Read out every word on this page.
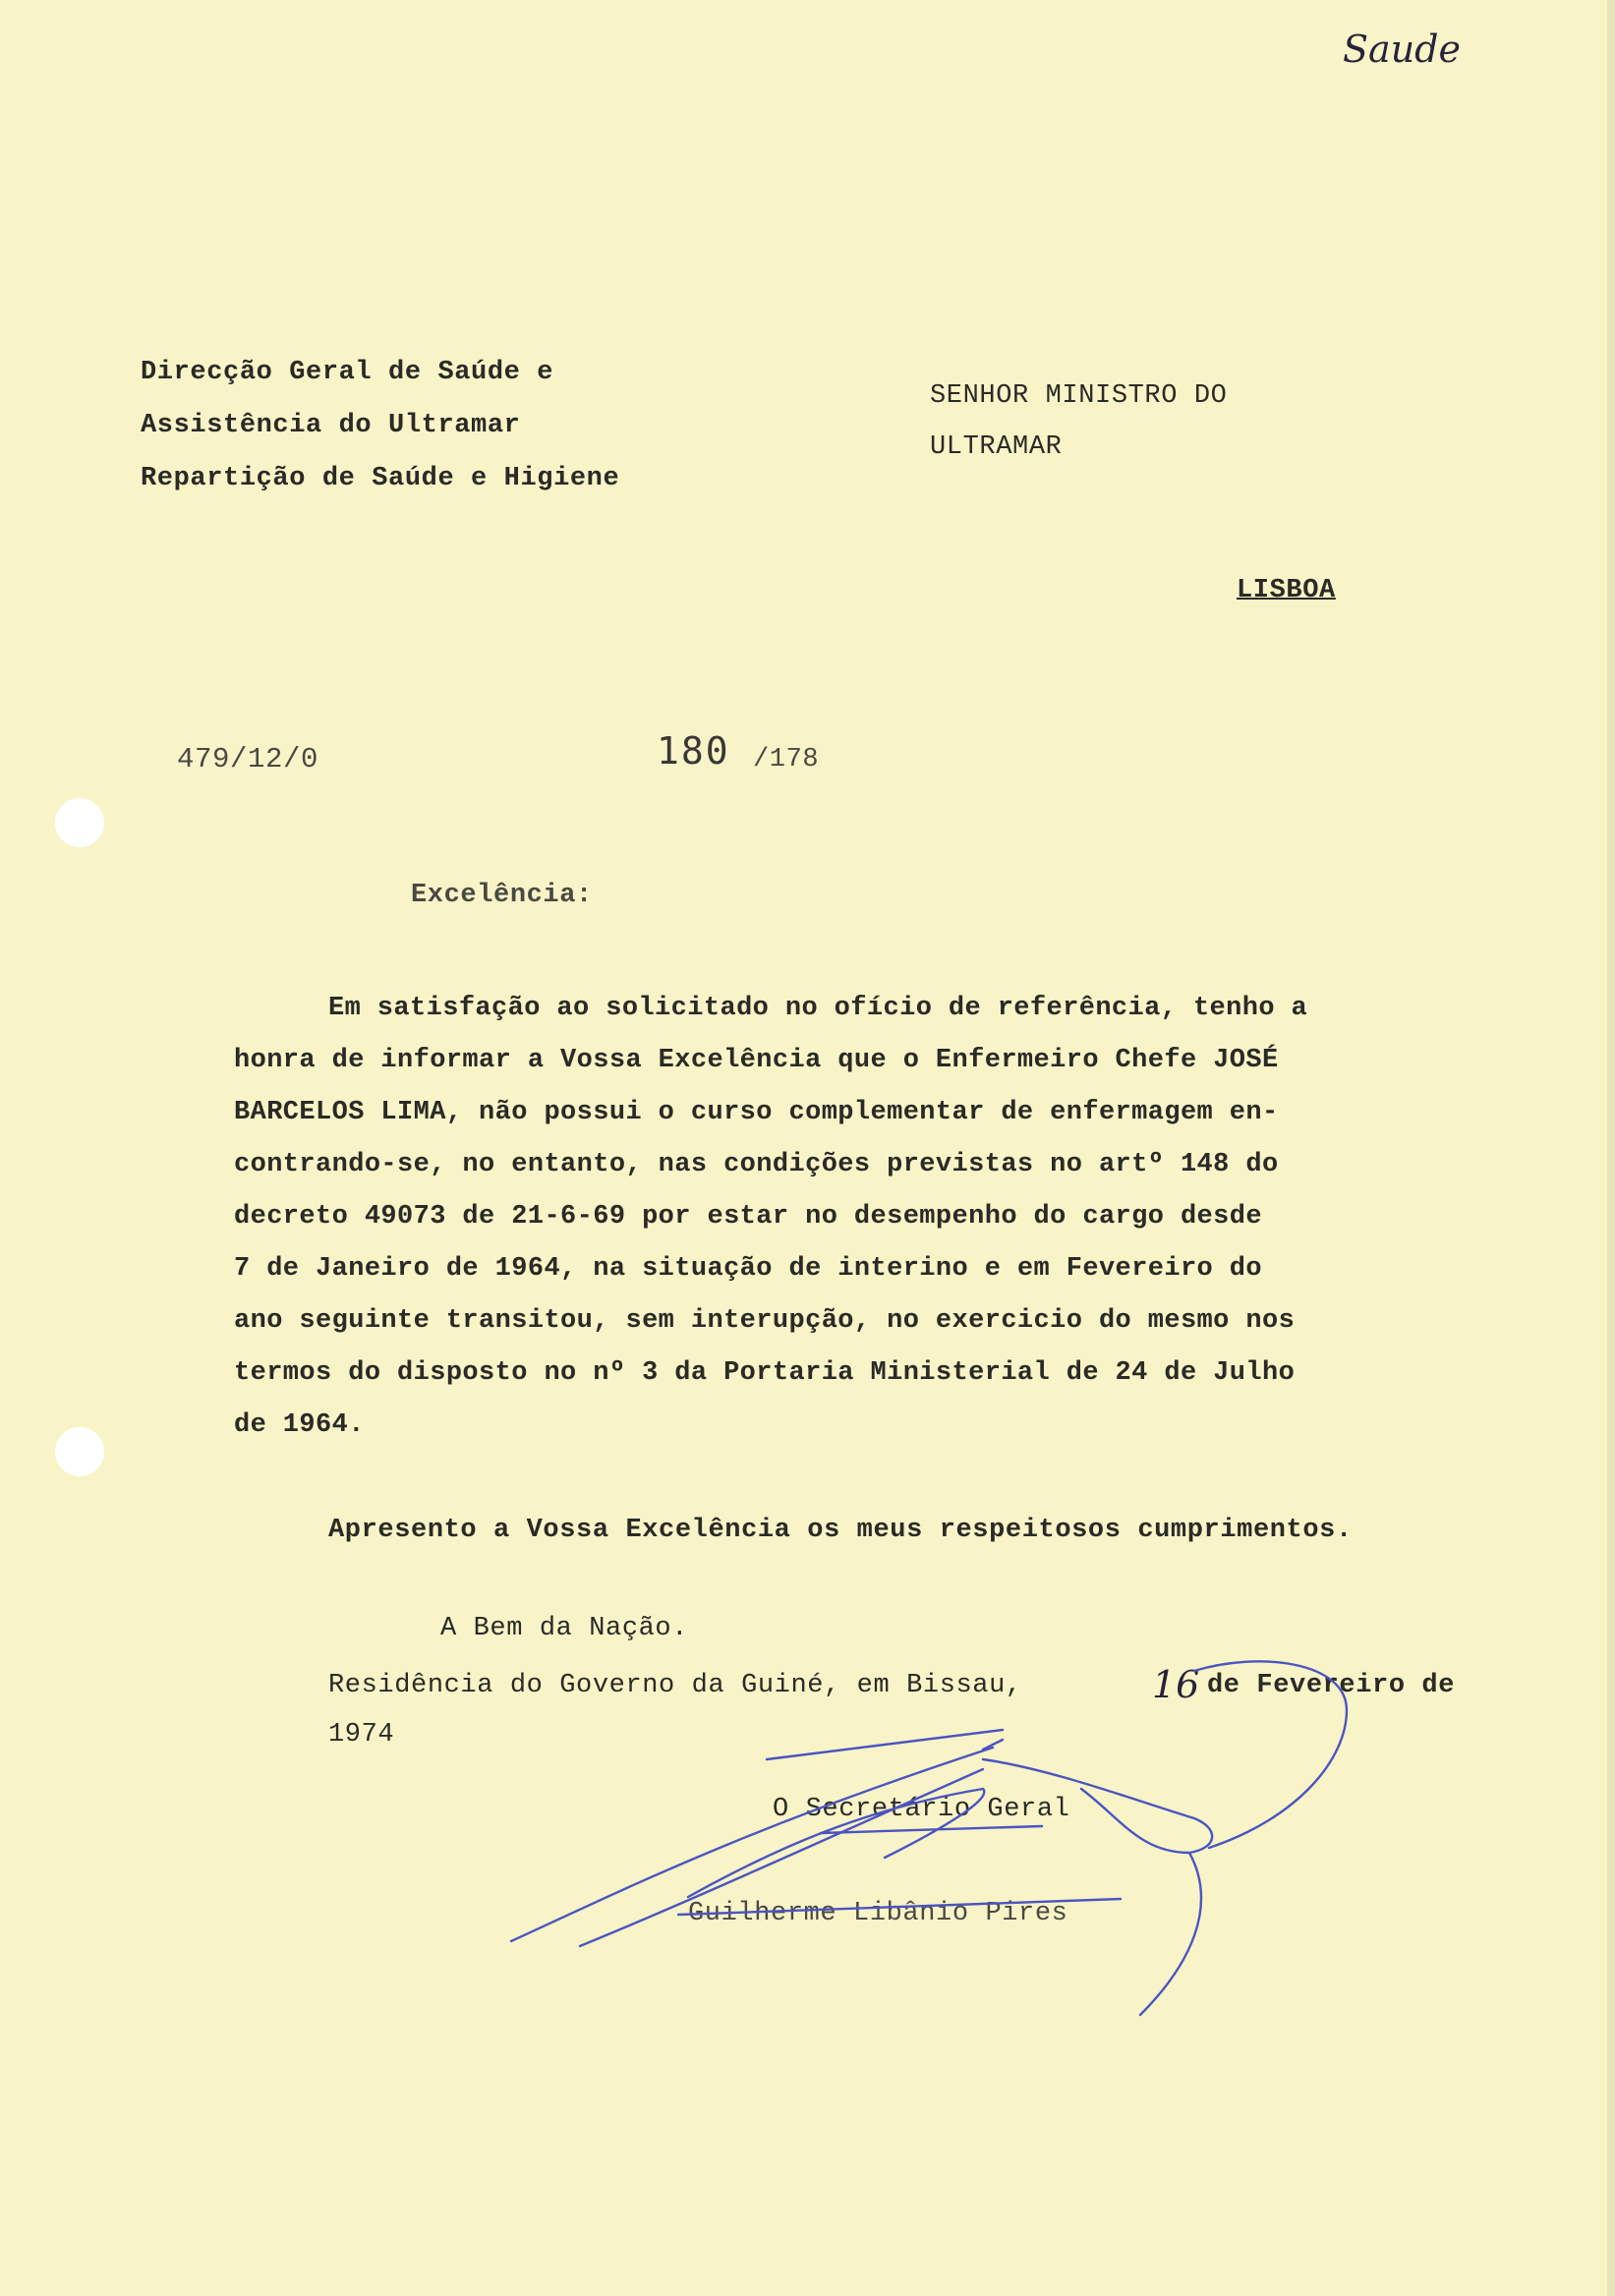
Saude
Direcção Geral de Saúde e
Assistência do Ultramar
Repartição de Saúde e Higiene
SENHOR MINISTRO DO
ULTRAMAR
LISBOA
479/12/0	180 /178
Excelência:
Em satisfação ao solicitado no ofício de referência, tenho a
honra de informar a Vossa Excelência que o Enfermeiro Chefe JOSÉ
BARCELOS LIMA, não possui o curso complementar de enfermagem en-
contrando-se, no entanto, nas condições previstas no artº 148 do
decreto 49073 de 21-6-69 por estar no desempenho do cargo desde
7 de Janeiro de 1964, na situação de interino e em Fevereiro do
ano seguinte transitou, sem interupção, no exercicio do mesmo nos
termos do disposto no nº 3 da Portaria Ministerial de 24 de Julho
de 1964.
Apresento a Vossa Excelência os meus respeitosos cumprimentos.
A Bem da Nação.
Residência do Governo da Guiné, em Bissau,	16 de Fevereiro de
1974
O Secretário Geral
Guilherme Libânio Pires
